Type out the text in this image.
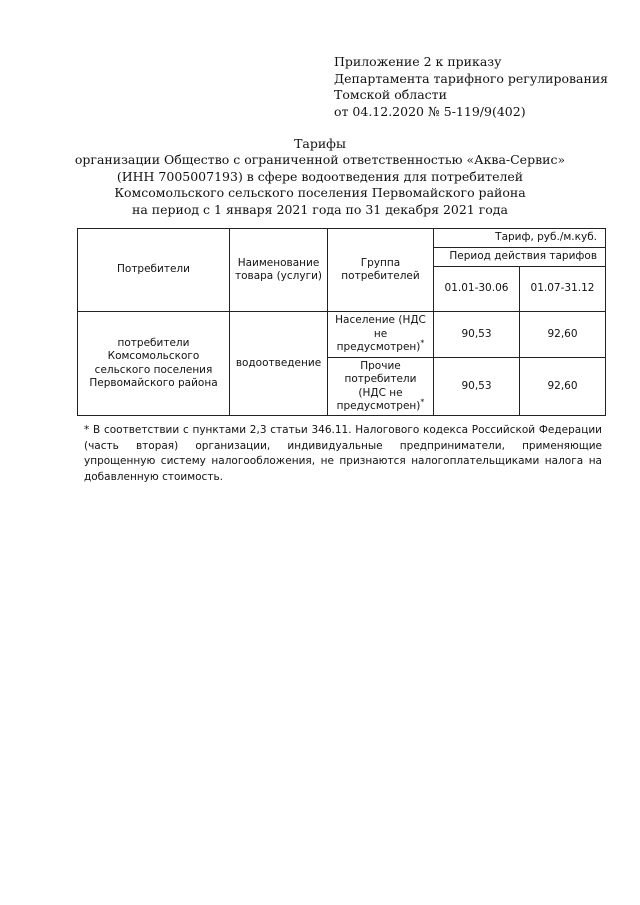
Приложение 2 к приказу
Департамента тарифного регулирования
Томской области
от 04.12.2020 № 5-119/9(402)
Тарифы
организации Общество с ограниченной ответственностью «Аква-Сервис»
(ИНН 7005007193) в сфере водоотведения для потребителей
Комсомольского сельского поселения Первомайского района
на период с 1 января 2021 года по 31 декабря 2021 года
Потребители	Наименование товара (услуги)	Группа потребителей	Тариф, руб./м.куб.	
			Период действия тарифов	
			01.01-30.06	01.07-31.12
потребители Комсомольского сельского поселения Первомайского района	водоотведение	Население (НДС не предусмотрен)*	90,53	92,60
		Прочие потребители (НДС не предусмотрен)*	90,53	92,60
* В соответствии с пунктами 2,3 статьи 346.11. Налогового кодекса Российской Федерации (часть вторая) организации, индивидуальные предприниматели, применяющие упрощенную систему налогообложения, не признаются налогоплательщиками налога на добавленную стоимость.
